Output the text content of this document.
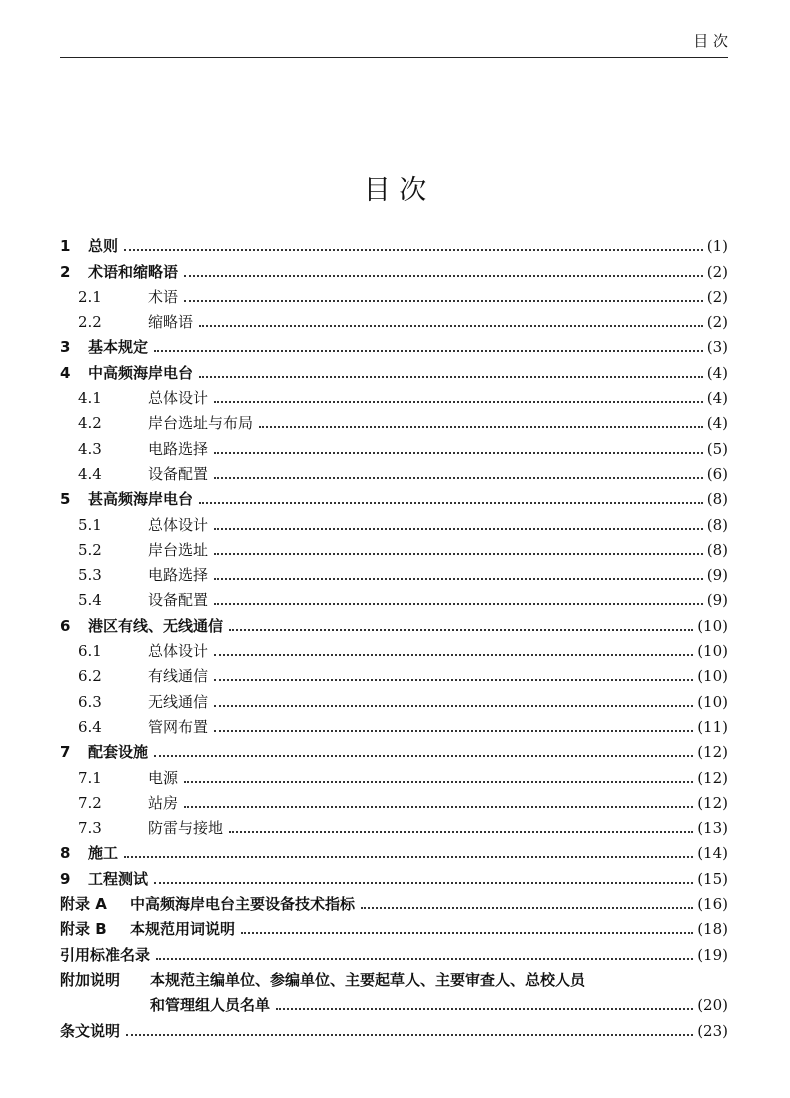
目 次
目 次
1	总则	(1)
2	术语和缩略语	(2)
2.1	术语	(2)
2.2	缩略语	(2)
3	基本规定	(3)
4	中高频海岸电台	(4)
4.1	总体设计	(4)
4.2	岸台选址与布局	(4)
4.3	电路选择	(5)
4.4	设备配置	(6)
5	甚高频海岸电台	(8)
5.1	总体设计	(8)
5.2	岸台选址	(8)
5.3	电路选择	(9)
5.4	设备配置	(9)
6	港区有线、无线通信	(10)
6.1	总体设计	(10)
6.2	有线通信	(10)
6.3	无线通信	(10)
6.4	管网布置	(11)
7	配套设施	(12)
7.1	电源	(12)
7.2	站房	(12)
7.3	防雷与接地	(13)
8	施工	(14)
9	工程测试	(15)
附录 A	中高频海岸电台主要设备技术指标	(16)
附录 B	本规范用词说明	(18)
引用标准名录	(19)
附加说明	本规范主编单位、参编单位、主要起草人、主要审查人、总校人员
和管理组人员名单	(20)
条文说明	(23)
